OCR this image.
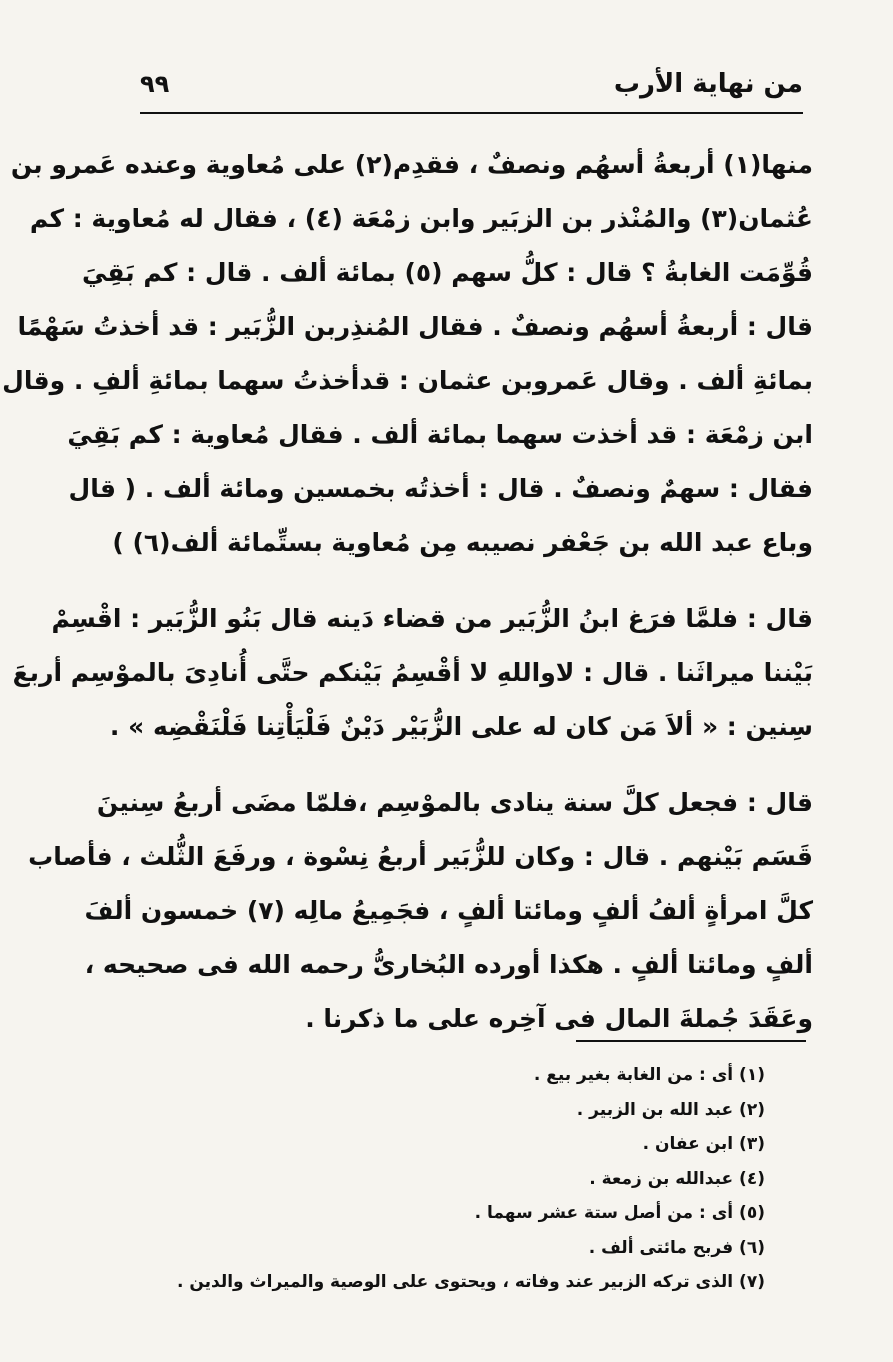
٩٩	من نهاية الأرب
منها(١) أربعةُ أسهُم ونصفٌ ، فقدِم(٢) على مُعاوية وعنده عَمرو بن
عُثمان(٣) والمُنْذر بن الزبَير وابن زمْعَة (٤) ، فقال له مُعاوية : كم
قُوِّمَت الغابةُ ؟ قال : كلُّ سهم (٥) بمائة ألف . قال : كم بَقِيَ
قال : أربعةُ أسهُم ونصفٌ . فقال المُنذِربن الزُّبَير : قد أخذتُ سَهْمًا
بمائةِ ألف . وقال عَمروبن عثمان : قدأخذتُ سهما بمائةِ ألفِ . وقال
ابن زمْعَة : قد أخذت سهما بمائة ألف . فقال مُعاوية : كم بَقِيَ
فقال : سهمٌ ونصفٌ . قال : أخذتُه بخمسين ومائة ألف . ( قال
وباع عبد الله بن جَعْفر نصيبه مِن مُعاوية بستِّمائة ألف(٦) )
قال : فلمَّا فرَغ ابنُ الزُّبَير من قضاء دَينه قال بَنُو الزُّبَير : اقْسِمْ
بَيْننا ميراثَنا . قال : لاواللهِ لا أقْسِمُ بَيْنكم حتَّى أُنادِىَ بالموْسِم أربعَ
سِنين : « ألاَ مَن كان له على الزُّبَيْر دَيْنٌ فَلْيَأْتِنا فَلْنَقْضِه » .
قال : فجعل كلَّ سنة ينادى بالموْسِم ،فلمّا مضَى أربعُ سِنينَ
قَسَم بَيْنهم . قال : وكان للزُّبَير أربعُ نِسْوة ، ورفَعَ الثُّلث ، فأصاب
كلَّ امرأةٍ ألفُ ألفٍ ومائتا ألفٍ ، فجَمِيعُ مالِه (٧) خمسون ألفَ
ألفٍ ومائتا ألفٍ . هكذا أورده البُخارىُّ رحمه الله فى صحيحه ،
وعَقَدَ جُملةَ المال فى آخِره على ما ذكرنا .
(١) أى : من الغابة بغير بيع .
(٢) عبد الله بن الزبير .
(٣) ابن عفان .
(٤) عبدالله بن زمعة .
(٥) أى : من أصل ستة عشر سهما .
(٦) فربح مائتى ألف .
(٧) الذى تركه الزبير عند وفاته ، ويحتوى على الوصية والميراث والدين .
